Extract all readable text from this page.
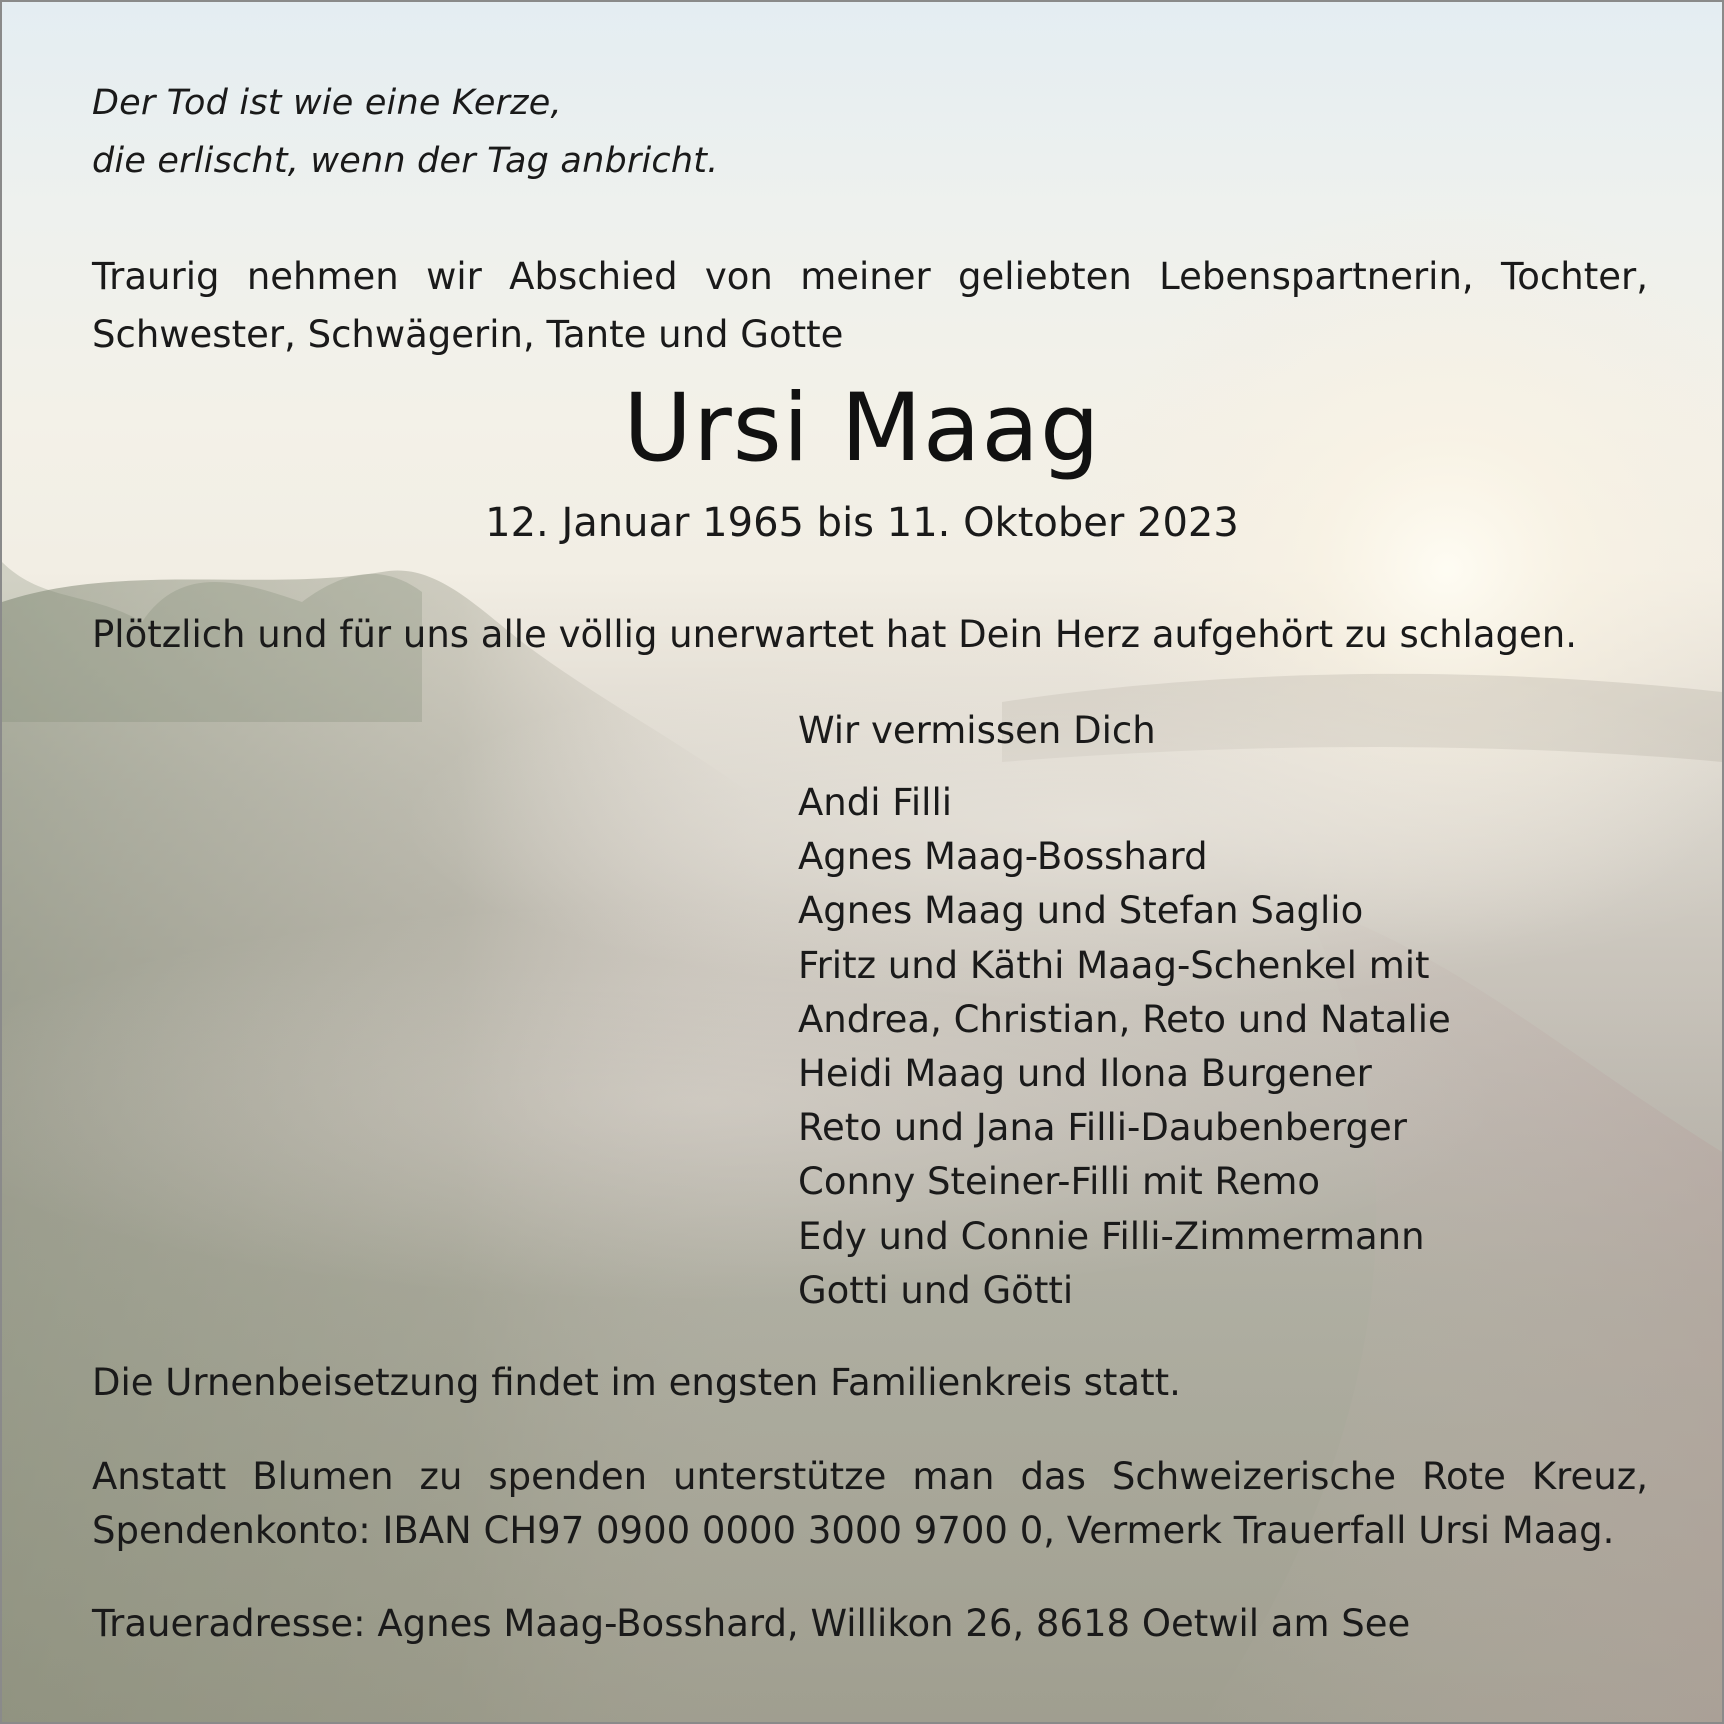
Der Tod ist wie eine Kerze,
die erlischt, wenn der Tag anbricht.
Traurig nehmen wir Abschied von meiner geliebten Lebenspartnerin, Tochter,
Schwester, Schwägerin, Tante und Gotte
Ursi Maag
12. Januar 1965 bis 11. Oktober 2023
Plötzlich und für uns alle völlig unerwartet hat Dein Herz aufgehört zu schlagen.
Wir vermissen Dich
Andi Filli
Agnes Maag-Bosshard
Agnes Maag und Stefan Saglio
Fritz und Käthi Maag-Schenkel mit
Andrea, Christian, Reto und Natalie
Heidi Maag und Ilona Burgener
Reto und Jana Filli-Daubenberger
Conny Steiner-Filli mit Remo
Edy und Connie Filli-Zimmermann
Gotti und Götti
Die Urnenbeisetzung findet im engsten Familienkreis statt.
Anstatt Blumen zu spenden unterstütze man das Schweizerische Rote Kreuz,
Spendenkonto: IBAN CH97 0900 0000 3000 9700 0, Vermerk Trauerfall Ursi Maag.
Traueradresse: Agnes Maag-Bosshard, Willikon 26, 8618 Oetwil am See
